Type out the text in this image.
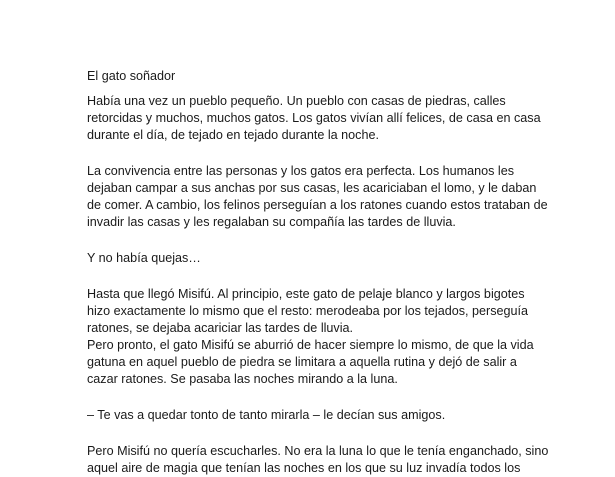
El gato soñador

Había una vez un pueblo pequeño. Un pueblo con casas de piedras, calles
retorcidas y muchos, muchos gatos. Los gatos vivían allí felices, de casa en casa
durante el día, de tejado en tejado durante la noche.

La convivencia entre las personas y los gatos era perfecta. Los humanos les
dejaban campar a sus anchas por sus casas, les acariciaban el lomo, y le daban
de comer. A cambio, los felinos perseguían a los ratones cuando estos trataban de
invadir las casas y les regalaban su compañía las tardes de lluvia.

Y no había quejas…

Hasta que llegó Misifú. Al principio, este gato de pelaje blanco y largos bigotes
hizo exactamente lo mismo que el resto: merodeaba por los tejados, perseguía
ratones, se dejaba acariciar las tardes de lluvia.

Pero pronto, el gato Misifú se aburrió de hacer siempre lo mismo, de que la vida
gatuna en aquel pueblo de piedra se limitara a aquella rutina y dejó de salir a
cazar ratones. Se pasaba las noches mirando a la luna.

– Te vas a quedar tonto de tanto mirarla – le decían sus amigos.

Pero Misifú no quería escucharles. No era la luna lo que le tenía enganchado, sino
aquel aire de magia que tenían las noches en los que su luz invadía todos los
